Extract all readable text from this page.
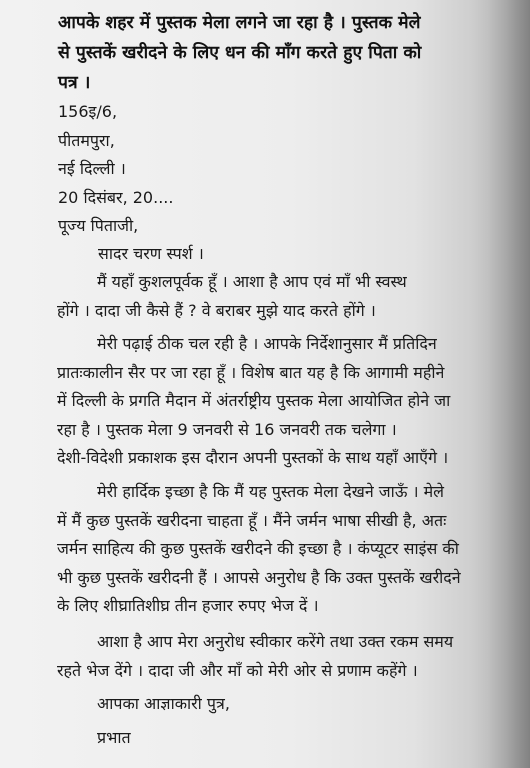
आपके शहर में पुस्तक मेला लगने जा रहा है । पुस्तक मेले
से पुस्तकें खरीदने के लिए धन की माँग करते हुए पिता को
पत्र ।
156इ/6,
पीतमपुरा,
नई दिल्ली ।
20 दिसंबर, 20....
पूज्य पिताजी,
सादर चरण स्पर्श ।
मैं यहाँ कुशलपूर्वक हूँ । आशा है आप एवं माँ भी स्वस्थ
होंगे । दादा जी कैसे हैं ? वे बराबर मुझे याद करते होंगे ।
मेरी पढ़ाई ठीक चल रही है । आपके निर्देशानुसार मैं प्रतिदिन
प्रातःकालीन सैर पर जा रहा हूँ । विशेष बात यह है कि आगामी महीने
में दिल्ली के प्रगति मैदान में अंतर्राष्ट्रीय पुस्तक मेला आयोजित होने जा
रहा है । पुस्तक मेला 9 जनवरी से 16 जनवरी तक चलेगा ।
देशी-विदेशी प्रकाशक इस दौरान अपनी पुस्तकों के साथ यहाँ आएँगे ।
मेरी हार्दिक इच्छा है कि मैं यह पुस्तक मेला देखने जाऊँ । मेले
में मैं कुछ पुस्तकें खरीदना चाहता हूँ । मैंने जर्मन भाषा सीखी है, अतः
जर्मन साहित्य की कुछ पुस्तकें खरीदने की इच्छा है । कंप्यूटर साइंस की
भी कुछ पुस्तकें खरीदनी हैं । आपसे अनुरोध है कि उक्त पुस्तकें खरीदने
के लिए शीघ्रातिशीघ्र तीन हजार रुपए भेज दें ।
आशा है आप मेरा अनुरोध स्वीकार करेंगे तथा उक्त रकम समय
रहते भेज देंगे । दादा जी और माँ को मेरी ओर से प्रणाम कहेंगे ।
आपका आज्ञाकारी पुत्र,
प्रभात
